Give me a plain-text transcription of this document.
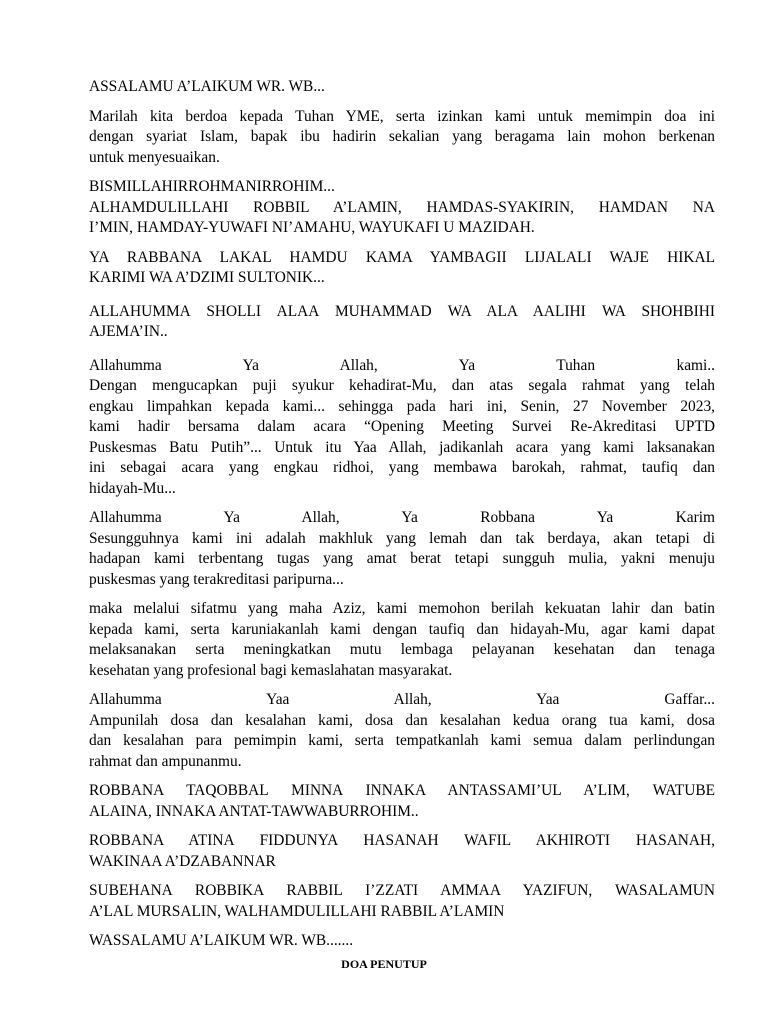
ASSALAMU A’LAIKUM WR. WB...
Marilah kita berdoa kepada Tuhan YME, serta izinkan kami untuk memimpin doa ini
dengan syariat Islam, bapak ibu hadirin sekalian yang beragama lain mohon berkenan
untuk menyesuaikan.
BISMILLAHIRROHMANIRROHIM...
ALHAMDULILLAHI ROBBIL A’LAMIN, HAMDAS-SYAKIRIN, HAMDAN NA
I’MIN, HAMDAY-YUWAFI NI’AMAHU, WAYUKAFI U MAZIDAH.
YA RABBANA LAKAL HAMDU KAMA YAMBAGII LIJALALI WAJE HIKAL
KARIMI WA A’DZIMI SULTONIK...
ALLAHUMMA SHOLLI ALAA MUHAMMAD WA ALA AALIHI WA SHOHBIHI
AJEMA’IN..
Allahumma Ya Allah, Ya Tuhan kami..
Dengan mengucapkan puji syukur kehadirat-Mu, dan atas segala rahmat yang telah
engkau limpahkan kepada kami... sehingga pada hari ini, Senin, 27 November 2023,
kami hadir bersama dalam acara “Opening Meeting Survei Re-Akreditasi UPTD
Puskesmas Batu Putih”... Untuk itu Yaa Allah, jadikanlah acara yang kami laksanakan
ini sebagai acara yang engkau ridhoi, yang membawa barokah, rahmat, taufiq dan
hidayah-Mu...
Allahumma Ya Allah, Ya Robbana Ya Karim
Sesungguhnya kami ini adalah makhluk yang lemah dan tak berdaya, akan tetapi di
hadapan kami terbentang tugas yang amat berat tetapi sungguh mulia, yakni menuju
puskesmas yang terakreditasi paripurna...
maka melalui sifatmu yang maha Aziz, kami memohon berilah kekuatan lahir dan batin
kepada kami, serta karuniakanlah kami dengan taufiq dan hidayah-Mu, agar kami dapat
melaksanakan serta meningkatkan mutu lembaga pelayanan kesehatan dan tenaga
kesehatan yang profesional bagi kemaslahatan masyarakat.
Allahumma Yaa Allah, Yaa Gaffar...
Ampunilah dosa dan kesalahan kami, dosa dan kesalahan kedua orang tua kami, dosa
dan kesalahan para pemimpin kami, serta tempatkanlah kami semua dalam perlindungan
rahmat dan ampunanmu.
ROBBANA TAQOBBAL MINNA INNAKA ANTASSAMI’UL A’LIM, WATUBE
ALAINA, INNAKA ANTAT-TAWWABURROHIM..
ROBBANA ATINA FIDDUNYA HASANAH WAFIL AKHIROTI HASANAH,
WAKINAA A’DZABANNAR
SUBEHANA ROBBIKA RABBIL I’ZZATI AMMAA YAZIFUN, WASALAMUN
A’LAL MURSALIN, WALHAMDULILLAHI RABBIL A’LAMIN
WASSALAMU A’LAIKUM WR. WB.......
DOA PENUTUP
